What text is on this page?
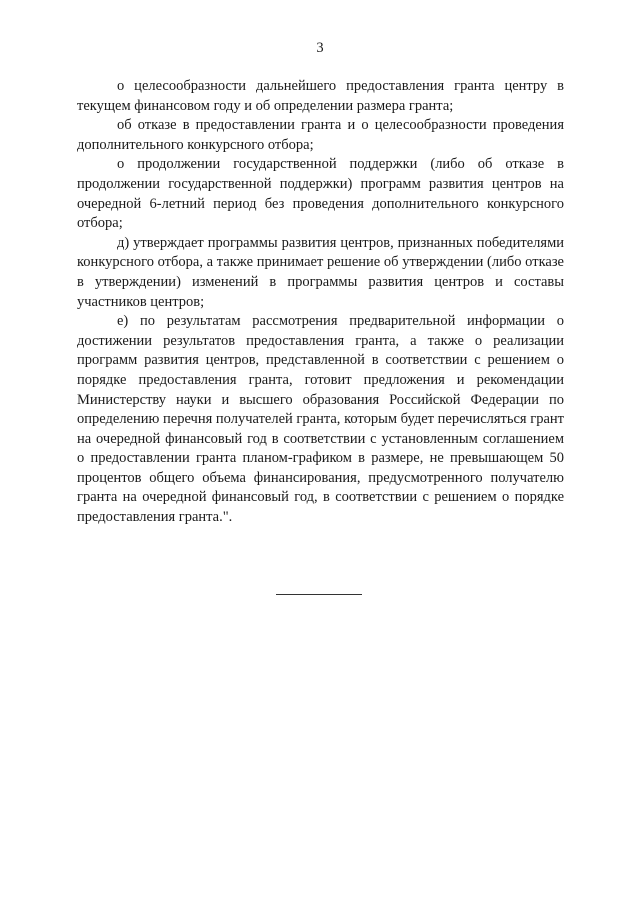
3

о целесообразности дальнейшего предоставления гранта центру в текущем финансовом году и об определении размера гранта;

об отказе в предоставлении гранта и о целесообразности проведения дополнительного конкурсного отбора;

о продолжении государственной поддержки (либо об отказе в продолжении государственной поддержки) программ развития центров на очередной 6-летний период без проведения дополнительного конкурсного отбора;

д) утверждает программы развития центров, признанных победителями конкурсного отбора, а также принимает решение об утверждении (либо отказе в утверждении) изменений в программы развития центров и составы участников центров;

е) по результатам рассмотрения предварительной информации о достижении результатов предоставления гранта, а также о реализации программ развития центров, представленной в соответствии с решением о порядке предоставления гранта, готовит предложения и рекомендации Министерству науки и высшего образования Российской Федерации по определению перечня получателей гранта, которым будет перечисляться грант на очередной финансовый год в соответствии с установленным соглашением о предоставлении гранта планом-графиком в размере, не превышающем 50 процентов общего объема финансирования, предусмотренного получателю гранта на очередной финансовый год, в соответствии с решением о порядке предоставления гранта.".
